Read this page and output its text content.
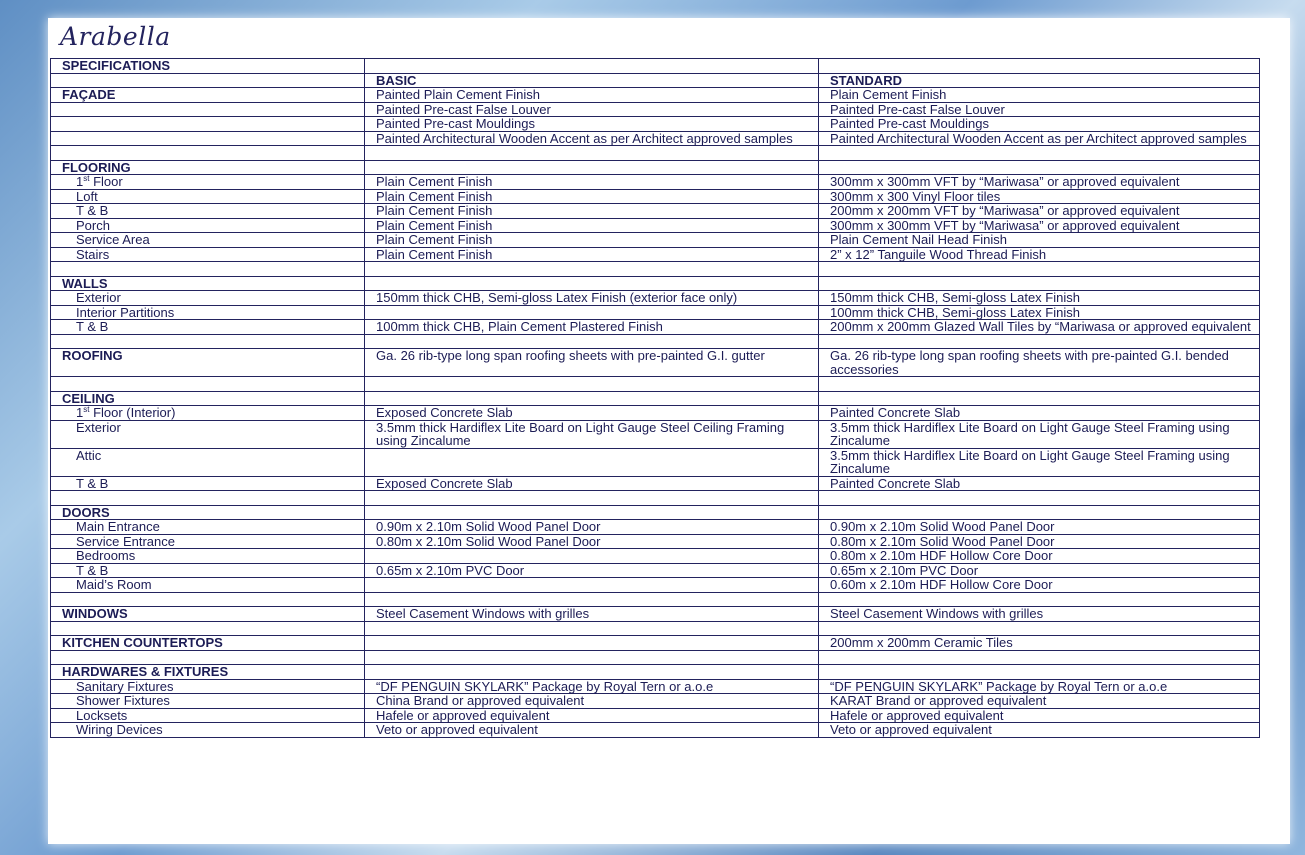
Arabella
SPECIFICATIONS		
	BASIC	STANDARD
FAÇADE	Painted Plain Cement Finish	Plain Cement Finish
	Painted Pre-cast False Louver	Painted Pre-cast False Louver
	Painted Pre-cast Mouldings	Painted Pre-cast Mouldings
	Painted Architectural Wooden Accent as per Architect approved samples	Painted Architectural Wooden Accent as per Architect approved samples

FLOORING		
1st Floor	Plain Cement Finish	300mm x 300mm VFT by “Mariwasa” or approved equivalent
Loft	Plain Cement Finish	300mm x 300 Vinyl Floor tiles
T & B	Plain Cement Finish	200mm x 200mm VFT by “Mariwasa” or approved equivalent
Porch	Plain Cement Finish	300mm x 300mm VFT by “Mariwasa” or approved equivalent
Service Area	Plain Cement Finish	Plain Cement Nail Head Finish
Stairs	Plain Cement Finish	2” x 12” Tanguile Wood Thread Finish

WALLS		
Exterior	150mm thick CHB, Semi-gloss Latex Finish (exterior face only)	150mm thick CHB, Semi-gloss Latex Finish
Interior Partitions		100mm thick CHB, Semi-gloss Latex Finish
T & B	100mm thick CHB, Plain Cement Plastered Finish	200mm x 200mm Glazed Wall Tiles by “Mariwasa or approved equivalent

ROOFING	Ga. 26 rib-type long span roofing sheets with pre-painted G.I. gutter	Ga. 26 rib-type long span roofing sheets with pre-painted G.I. bended accessories

CEILING		
1st Floor (Interior)	Exposed Concrete Slab	Painted Concrete Slab
Exterior	3.5mm thick Hardiflex Lite Board on Light Gauge Steel Ceiling Framing using Zincalume	3.5mm thick Hardiflex Lite Board on Light Gauge Steel Framing using Zincalume
Attic		3.5mm thick Hardiflex Lite Board on Light Gauge Steel Framing using Zincalume
T & B	Exposed Concrete Slab	Painted Concrete Slab

DOORS		
Main Entrance	0.90m x 2.10m Solid Wood Panel Door	0.90m x 2.10m Solid Wood Panel Door
Service Entrance	0.80m x 2.10m Solid Wood Panel Door	0.80m x 2.10m Solid Wood Panel Door
Bedrooms		0.80m x 2.10m HDF Hollow Core Door
T & B	0.65m x 2.10m PVC Door	0.65m x 2.10m PVC Door
Maid’s Room		0.60m x 2.10m HDF Hollow Core Door

WINDOWS	Steel Casement Windows with grilles	Steel Casement Windows with grilles

KITCHEN COUNTERTOPS		200mm x 200mm Ceramic Tiles

HARDWARES & FIXTURES		
Sanitary Fixtures	“DF PENGUIN SKYLARK” Package by Royal Tern or a.o.e	“DF PENGUIN SKYLARK” Package by Royal Tern or a.o.e
Shower Fixtures	China Brand or approved equivalent	KARAT Brand or approved equivalent
Locksets	Hafele or approved equivalent	Hafele or approved equivalent
Wiring Devices	Veto or approved equivalent	Veto or approved equivalent
